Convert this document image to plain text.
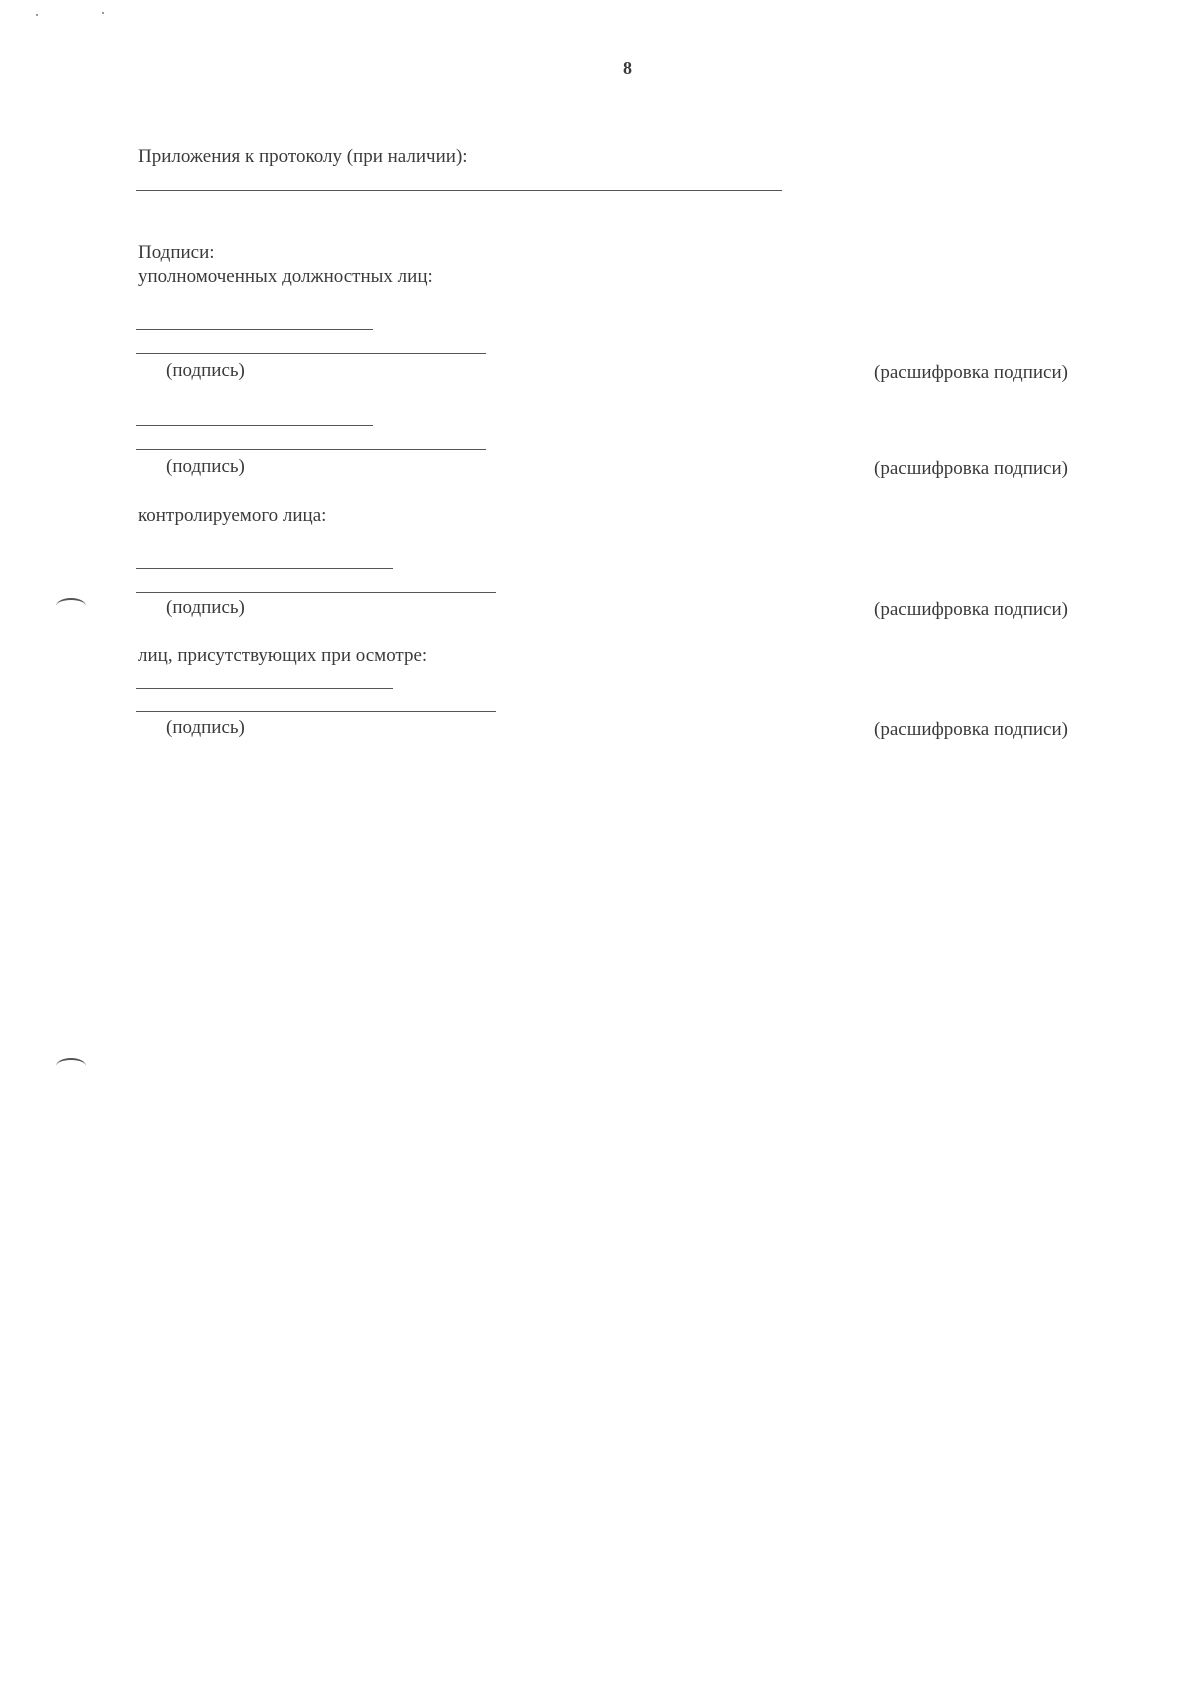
8
Приложения к протоколу (при наличии):
Подписи:
уполномоченных должностных лиц:
(подпись)	(расшифровка подписи)
(подпись)	(расшифровка подписи)
контролируемого лица:
(подпись)	(расшифровка подписи)
лиц, присутствующих при осмотре:
(подпись)	(расшифровка подписи)
